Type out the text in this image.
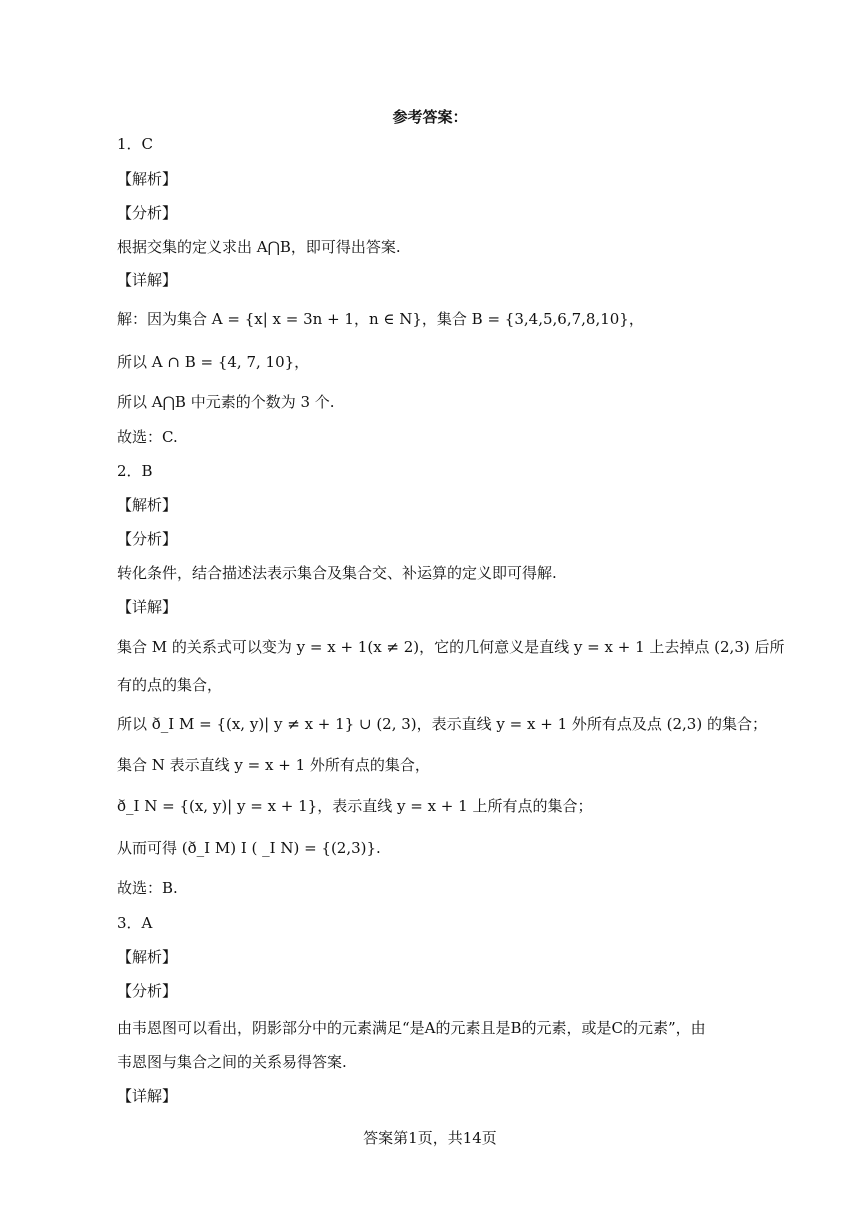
参考答案：
1．C
【解析】
【分析】
根据交集的定义求出 A⋂B，即可得出答案.
【详解】
解：因为集合 A = {x| x = 3n + 1，n ∈ N}，集合 B = {3,4,5,6,7,8,10}，
所以 A ∩ B = {4, 7, 10}，
所以 A⋂B 中元素的个数为 3 个.
故选：C.
2．B
【解析】
【分析】
转化条件，结合描述法表示集合及集合交、补运算的定义即可得解.
【详解】
集合 M 的关系式可以变为 y = x + 1(x ≠ 2)，它的几何意义是直线 y = x + 1 上去掉点 (2,3) 后所
有的点的集合，
所以 ð_I M = {(x, y)| y ≠ x + 1} ∪ (2, 3)，表示直线 y = x + 1 外所有点及点 (2,3) 的集合；
集合 N 表示直线 y = x + 1 外所有点的集合，
ð_I N = {(x, y)| y = x + 1}，表示直线 y = x + 1 上所有点的集合；
从而可得 (ð_I M) I ( _I N) = {(2,3)}.
故选：B.
3．A
【解析】
【分析】
由韦恩图可以看出，阴影部分中的元素满足“是A的元素且是B的元素，或是C的元素”，由
韦恩图与集合之间的关系易得答案.
【详解】
答案第1页，共14页
